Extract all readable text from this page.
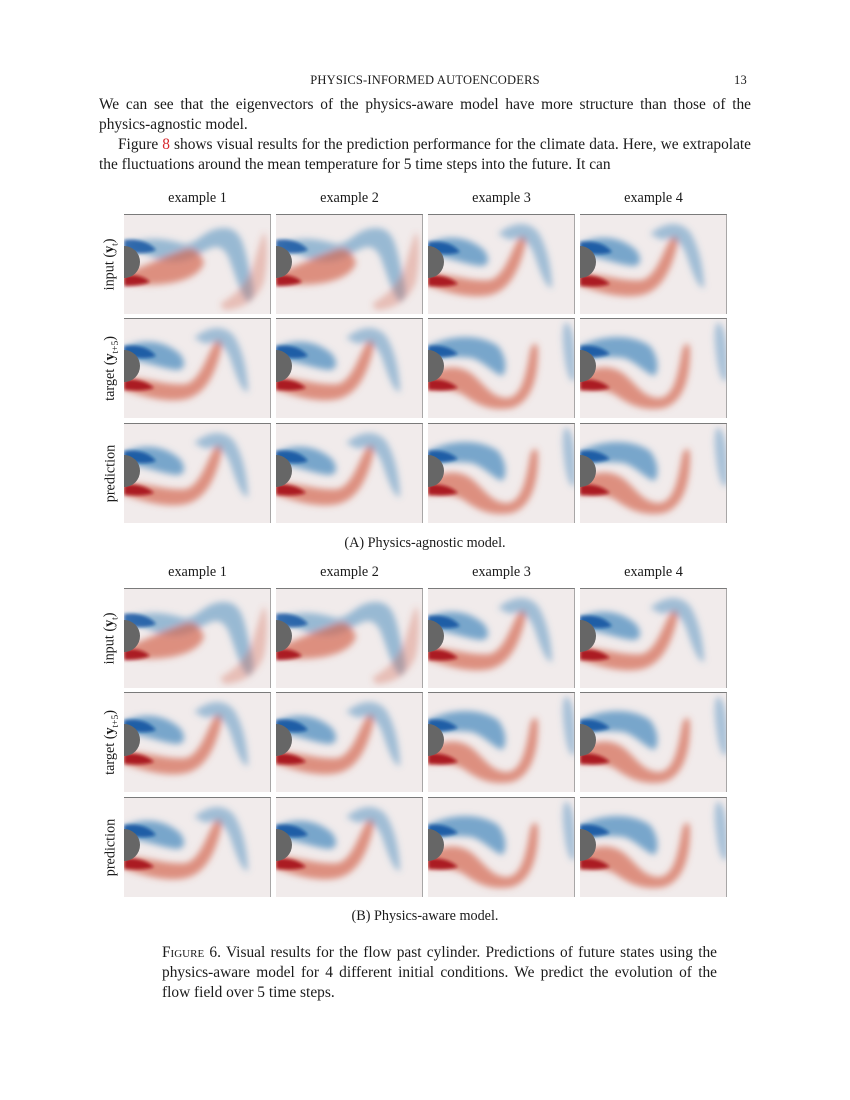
PHYSICS-INFORMED AUTOENCODERS	13
We can see that the eigenvectors of the physics-aware model have more structure than those of the physics-agnostic model.
Figure 8 shows visual results for the prediction performance for the climate data. Here, we extrapolate the fluctuations around the mean temperature for 5 time steps into the future. It can
example 1	example 2	example 3	example 4
input $(y_t)$
target $(y_{t+5})$
prediction
(A) Physics-agnostic model.
example 1	example 2	example 3	example 4
input $(y_t)$
target $(y_{t+5})$
prediction
(B) Physics-aware model.
Figure 6. Visual results for the flow past cylinder. Predictions of future states using the physics-aware model for 4 different initial conditions. We predict the evolution of the flow field over 5 time steps.
